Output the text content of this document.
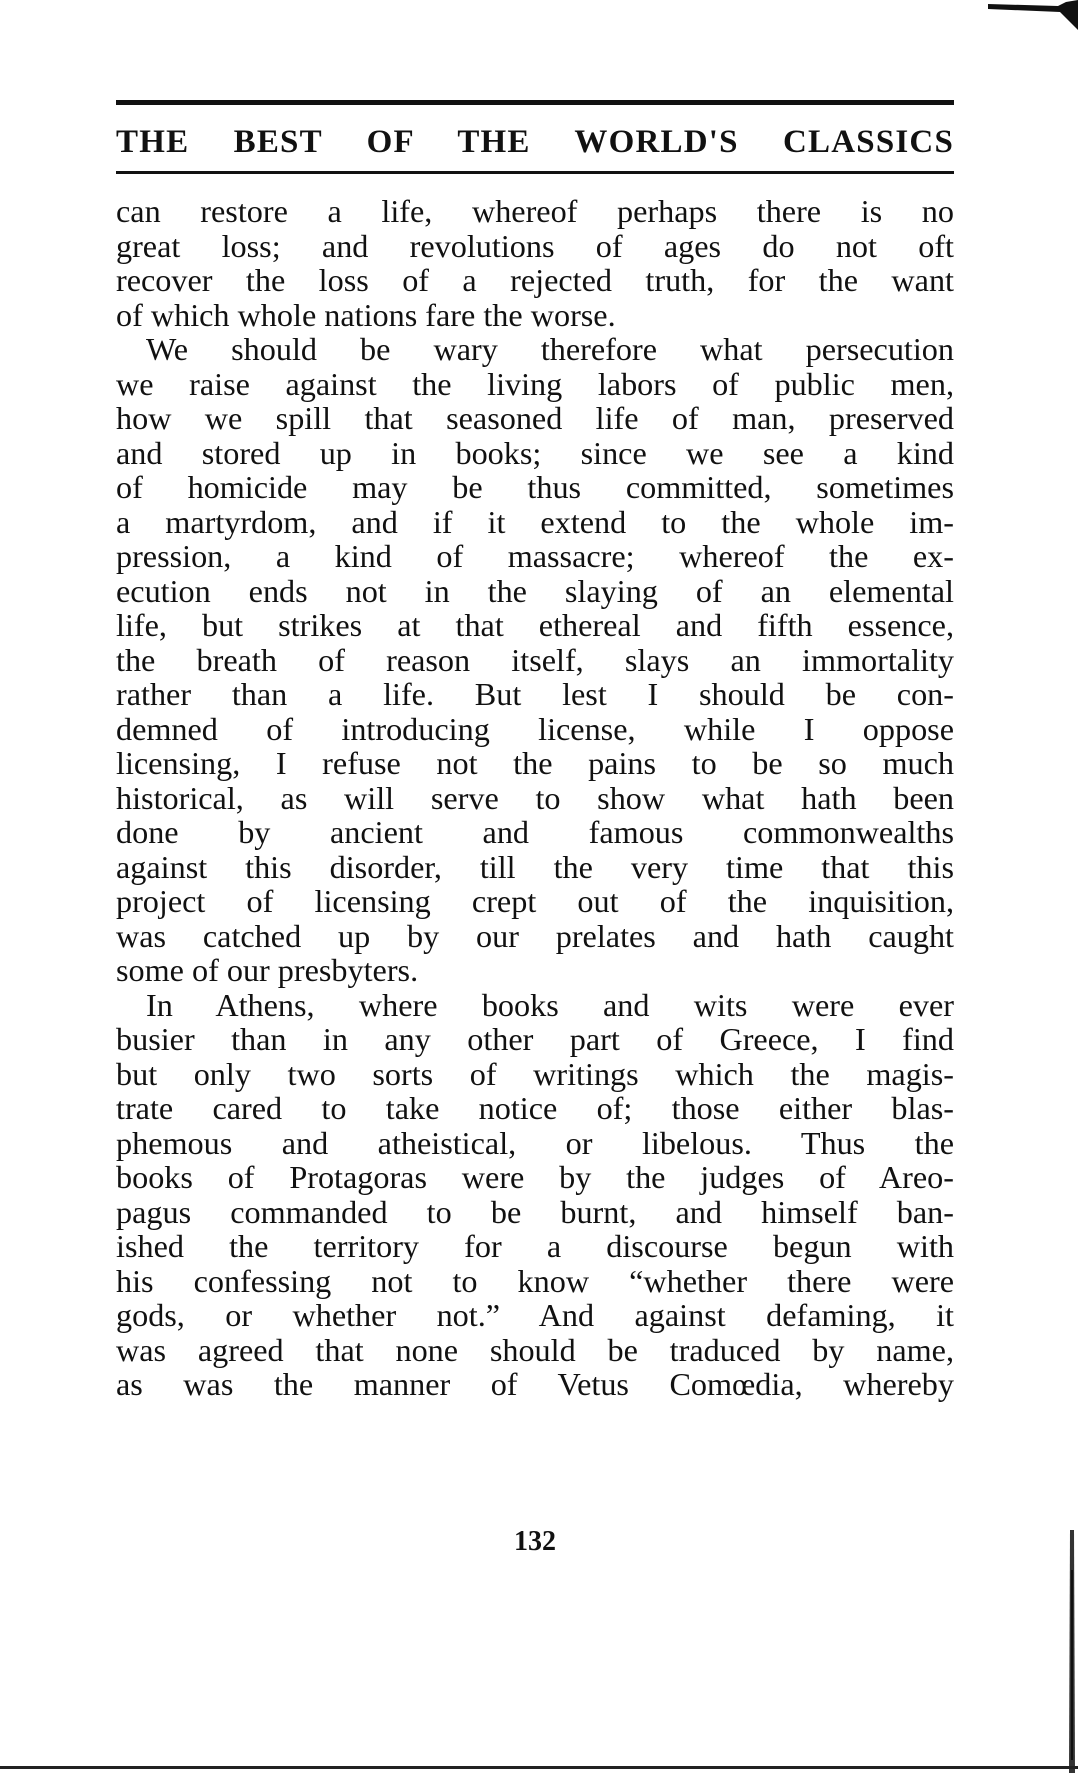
THE BEST OF THE WORLD'S CLASSICS
can restore a life, whereof perhaps there is no
great loss; and revolutions of ages do not oft
recover the loss of a rejected truth, for the want
of which whole nations fare the worse.
We should be wary therefore what persecution
we raise against the living labors of public men,
how we spill that seasoned life of man, preserved
and stored up in books; since we see a kind
of homicide may be thus committed, sometimes
a martyrdom, and if it extend to the whole im-
pression, a kind of massacre; whereof the ex-
ecution ends not in the slaying of an elemental
life, but strikes at that ethereal and fifth essence,
the breath of reason itself, slays an immortality
rather than a life. But lest I should be con-
demned of introducing license, while I oppose
licensing, I refuse not the pains to be so much
historical, as will serve to show what hath been
done by ancient and famous commonwealths
against this disorder, till the very time that this
project of licensing crept out of the inquisition,
was catched up by our prelates and hath caught
some of our presbyters.
In Athens, where books and wits were ever
busier than in any other part of Greece, I find
but only two sorts of writings which the magis-
trate cared to take notice of; those either blas-
phemous and atheistical, or libelous. Thus the
books of Protagoras were by the judges of Areo-
pagus commanded to be burnt, and himself ban-
ished the territory for a discourse begun with
his confessing not to know “whether there were
gods, or whether not.” And against defaming, it
was agreed that none should be traduced by name,
as was the manner of Vetus Comœdia, whereby
132
